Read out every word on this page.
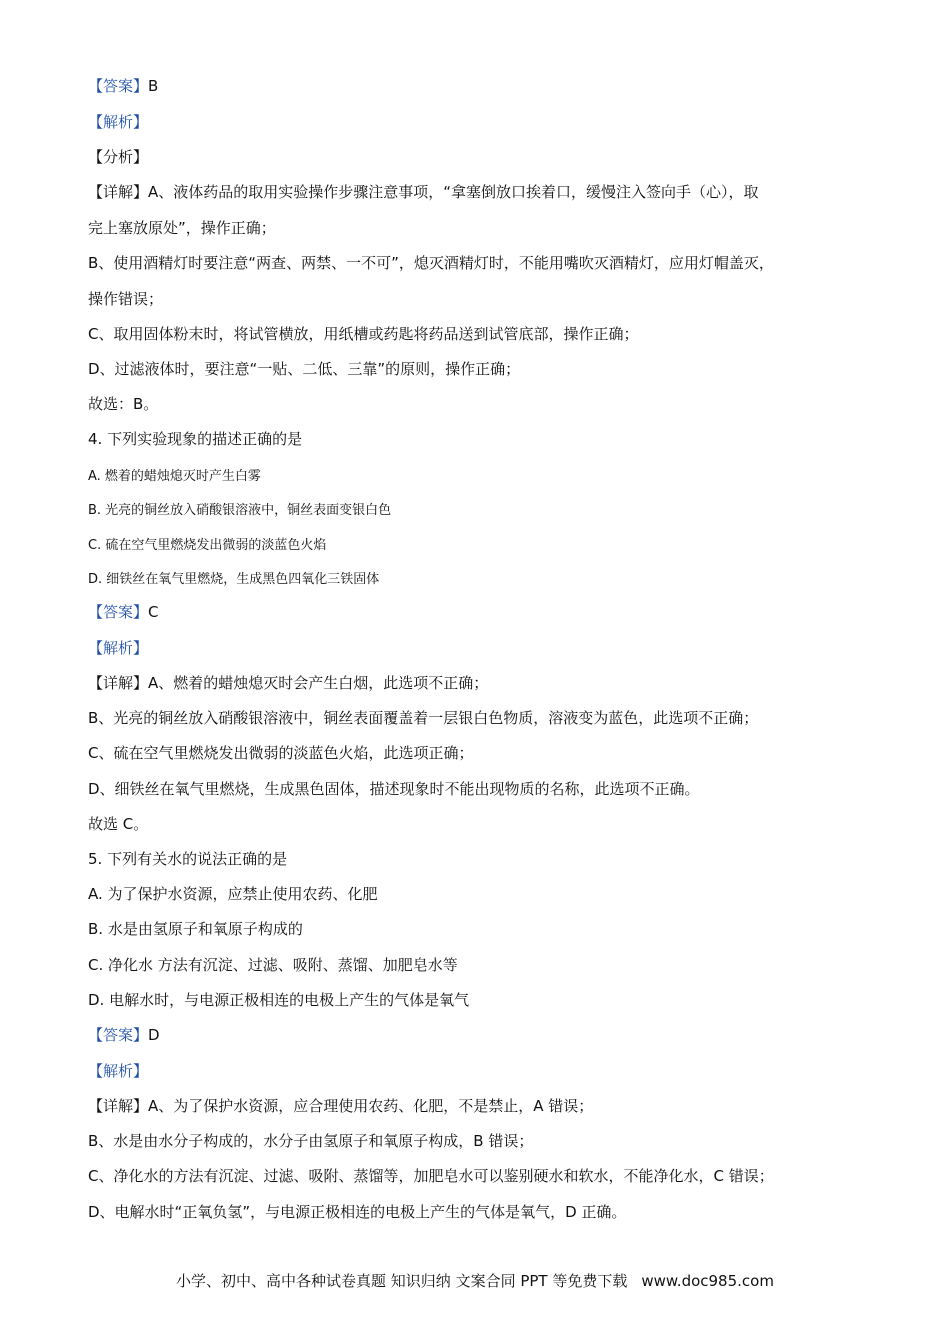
【答案】B
【解析】
【分析】
【详解】A、液体药品的取用实验操作步骤注意事项，“拿塞倒放口挨着口，缓慢注入签向手（心），取
完上塞放原处”，操作正确；
B、使用酒精灯时要注意“两查、两禁、一不可”，熄灭酒精灯时，不能用嘴吹灭酒精灯，应用灯帽盖灭，
操作错误；
C、取用固体粉末时，将试管横放，用纸槽或药匙将药品送到试管底部，操作正确；
D、过滤液体时，要注意“一贴、二低、三靠”的原则，操作正确；
故选：B。
4. 下列实验现象的描述正确的是
A. 燃着的蜡烛熄灭时产生白雾
B. 光亮的铜丝放入硝酸银溶液中，铜丝表面变银白色
C. 硫在空气里燃烧发出微弱的淡蓝色火焰
D. 细铁丝在氧气里燃烧，生成黑色四氧化三铁固体
【答案】C
【解析】
【详解】A、燃着的蜡烛熄灭时会产生白烟，此选项不正确；
B、光亮的铜丝放入硝酸银溶液中，铜丝表面覆盖着一层银白色物质，溶液变为蓝色，此选项不正确；
C、硫在空气里燃烧发出微弱的淡蓝色火焰，此选项正确；
D、细铁丝在氧气里燃烧，生成黑色固体，描述现象时不能出现物质的名称，此选项不正确。
故选 C。
5. 下列有关水的说法正确的是
A. 为了保护水资源，应禁止使用农药、化肥
B. 水是由氢原子和氧原子构成的
C. 净化水 方法有沉淀、过滤、吸附、蒸馏、加肥皂水等
D. 电解水时，与电源正极相连的电极上产生的气体是氧气
【答案】D
【解析】
【详解】A、为了保护水资源，应合理使用农药、化肥，不是禁止，A 错误；
B、水是由水分子构成的，水分子由氢原子和氧原子构成，B 错误；
C、净化水的方法有沉淀、过滤、吸附、蒸馏等，加肥皂水可以鉴别硬水和软水，不能净化水，C 错误；
D、电解水时“正氧负氢”，与电源正极相连的电极上产生的气体是氧气，D 正确。
小学、初中、高中各种试卷真题 知识归纳 文案合同 PPT 等免费下载 www.doc985.com
